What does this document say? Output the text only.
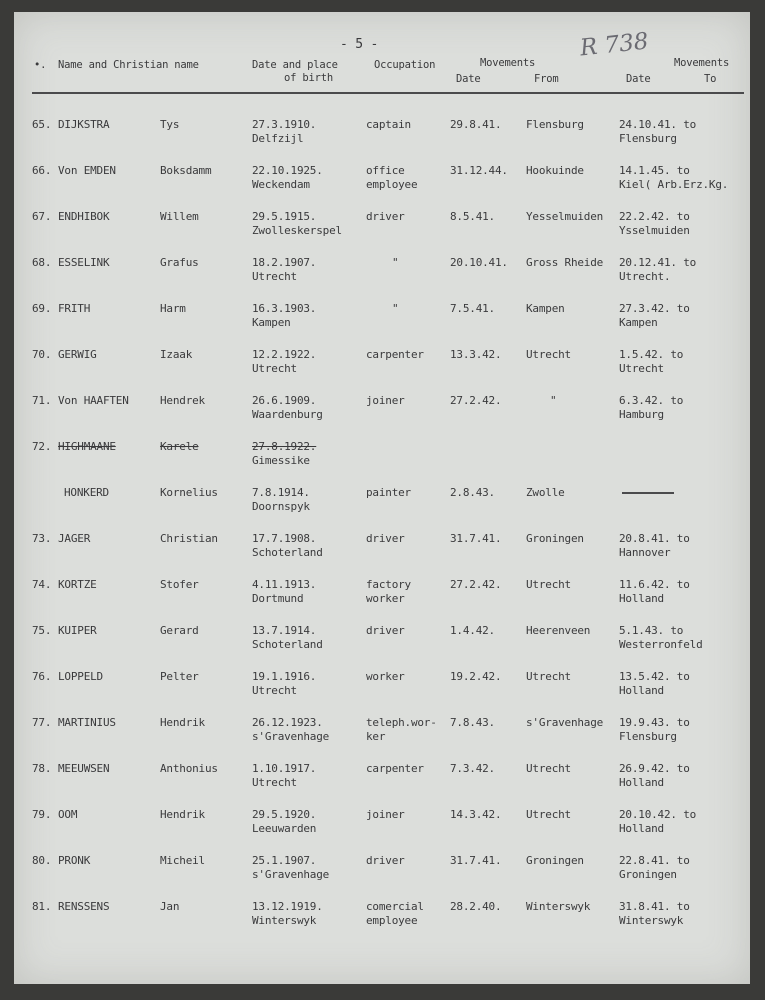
- 5 -	R 738
•. Name and Christian name	Date and place
of birth
Occupation	Movements
Date	From
Movements
Date	To
65. DIJKSTRA	Tys	27.3.1910.
Delfzijl
captain	29.8.41. Flensburg	24.10.41. to
Flensburg
66. Von EMDEN	Boksdamm	22.10.1925.
Weckendam
office
employee
31.12.44. Hookuinde	14.1.45. to
Kiel( Arb.Erz.Kg.
67. ENDHIBOK	Willem	29.5.1915.
Zwolleskerspel
driver	8.5.41.	Yesselmuiden 22.2.42. to
Ysselmuiden
68. ESSELINK	Grafus	18.2.1907.
Utrecht
"	20.10.41. Gross Rheide 20.12.41. to
Utrecht.
69. FRITH	Harm	16.3.1903.
Kampen
"	7.5.41.	Kampen	27.3.42. to
Kampen
70. GERWIG	Izaak	12.2.1922.
Utrecht
carpenter 13.3.42. Utrecht	1.5.42. to
Utrecht
71. Von HAAFTEN	Hendrek	26.6.1909.
Waardenburg
joiner	27.2.42.	"	6.3.42. to
Hamburg
72. HIGHMAANE	Karele	27.8.1922.
Gimessike
HONKERD	Kornelius	7.8.1914.
Doornspyk
painter	2.8.43.	Zwolle
73. JAGER	Christian	17.7.1908.
Schoterland
driver	31.7.41. Groningen	20.8.41. to
Hannover
74. KORTZE	Stofer	4.11.1913.
Dortmund
factory
worker
27.2.42. Utrecht	11.6.42. to
Holland
75. KUIPER	Gerard	13.7.1914.
Schoterland
driver	1.4.42.	Heerenveen	5.1.43. to
Westerronfeld
76. LOPPELD	Pelter	19.1.1916.
Utrecht
worker	19.2.42. Utrecht	13.5.42. to
Holland
77. MARTINIUS	Hendrik	26.12.1923.
s'Gravenhage
teleph.wor-
ker
7.8.43.	s'Gravenhage 19.9.43. to
Flensburg
78. MEEUWSEN	Anthonius	1.10.1917.
Utrecht
carpenter 7.3.42.	Utrecht	26.9.42. to
Holland
79. OOM	Hendrik	29.5.1920.
Leeuwarden
joiner	14.3.42. Utrecht	20.10.42. to
Holland
80. PRONK	Micheil	25.1.1907.
s'Gravenhage
driver	31.7.41. Groningen	22.8.41. to
Groningen
81. RENSSENS	Jan	13.12.1919.
Winterswyk
comercial
employee
28.2.40. Winterswyk	31.8.41. to
Winterswyk
